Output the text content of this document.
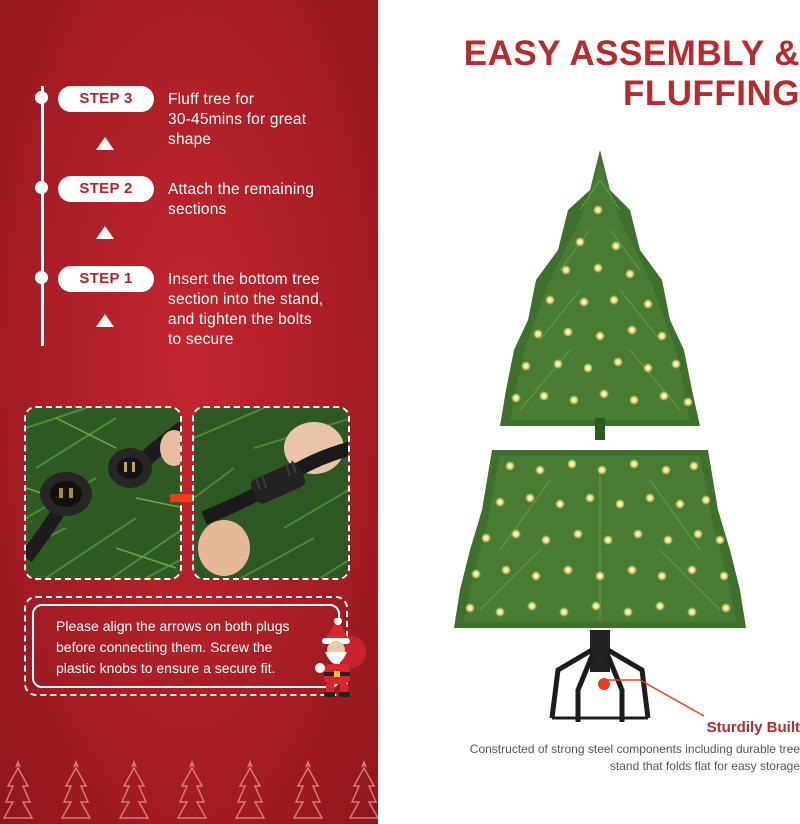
STEP 3	Fluff tree for
30-45mins for great
shape
STEP 2	Attach the remaining
sections
STEP 1	Insert the bottom tree
section into the stand,
and tighten the bolts
to secure
Please align the arrows on both plugs
before connecting them. Screw the
plastic knobs to ensure a secure fit.
EASY ASSEMBLY &
FLUFFING
Sturdily Built
Constructed of strong steel components including durable tree
stand that folds flat for easy storage
